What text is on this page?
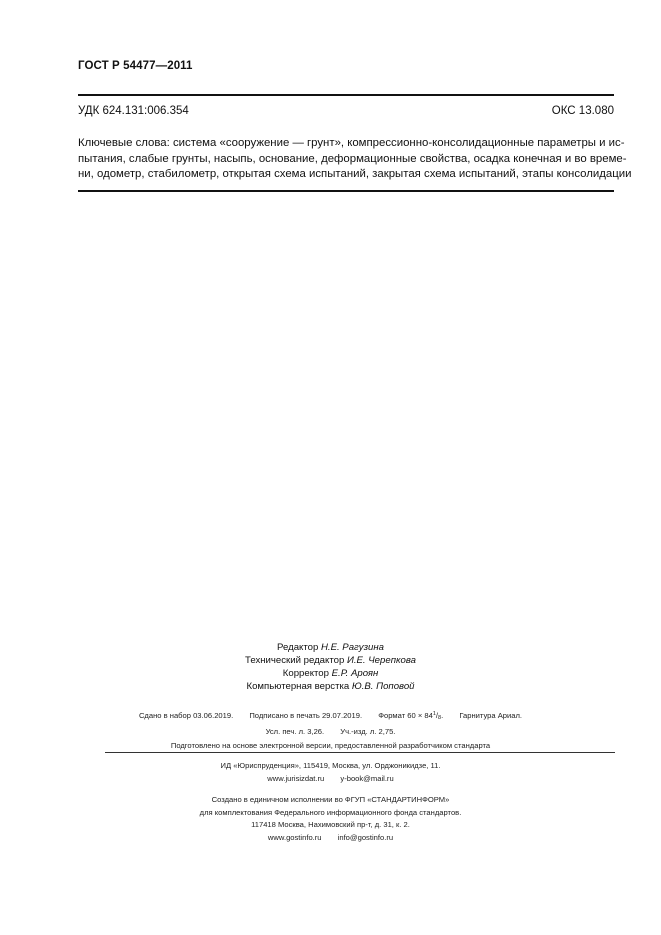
ГОСТ Р 54477—2011
УДК 624.131:006.354	ОКС 13.080
Ключевые слова: система «сооружение — грунт», компрессионно-консолидационные параметры и ис-
пытания, слабые грунты, насыпь, основание, деформационные свойства, осадка конечная и во време-
ни, одометр, стабилометр, открытая схема испытаний, закрытая схема испытаний, этапы консолидации
Редактор Н.Е. Рагузина
Технический редактор И.Е. Черепкова
Корректор Е.Р. Ароян
Компьютерная верстка Ю.В. Поповой
Сдано в набор 03.06.2019. Подписано в печать 29.07.2019. Формат $60 \times 84^1/8$. Гарнитура Ариал.
Усл. печ. л. 3,26. Уч.-изд. л. 2,75.
Подготовлено на основе электронной версии, предоставленной разработчиком стандарта
ИД «Юриспруденция», 115419, Москва, ул. Орджоникидзе, 11.
www.jurisizdat.ru y-book@mail.ru
Создано в единичном исполнении во ФГУП «СТАНДАРТИНФОРМ»
для комплектования Федерального информационного фонда стандартов.
117418 Москва, Нахимовский пр-т, д. 31, к. 2.
www.gostinfo.ru info@gostinfo.ru
